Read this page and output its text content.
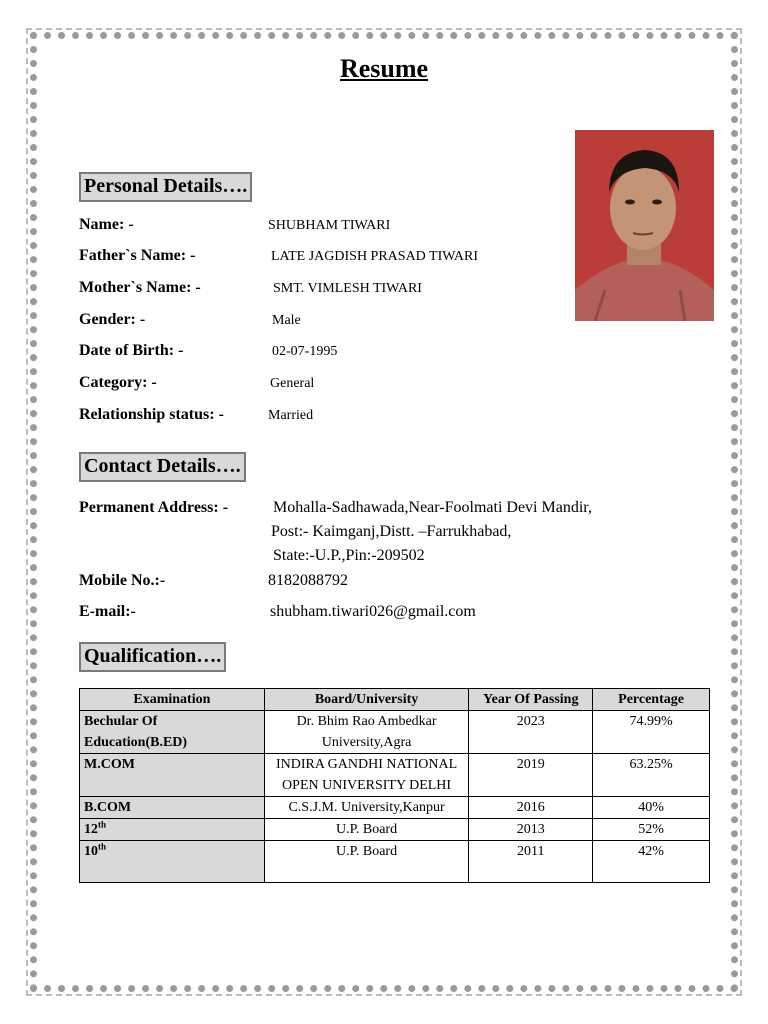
Resume
Personal Details….
Name: -	SHUBHAM TIWARI
Father`s Name: -	LATE JAGDISH PRASAD TIWARI
Mother`s Name: -	SMT. VIMLESH TIWARI
Gender: -	Male
Date of Birth: -	02-07-1995
Category: -	General
Relationship status: -	Married
Contact Details….
Permanent Address: -	Mohalla-Sadhawada,Near-Foolmati Devi Mandir,
Post:- Kaimganj,Distt. –Farrukhabad,
State:-U.P.,Pin:-209502
Mobile No.:-	8182088792
E-mail:-	shubham.tiwari026@gmail.com
Qualification….
Examination	Board/University	Year Of Passing	Percentage
Bechular Of Education(B.ED)	Dr. Bhim Rao Ambedkar University,Agra	2023	74.99%
M.COM	INDIRA GANDHI NATIONAL OPEN UNIVERSITY DELHI	2019	63.25%
B.COM	C.S.J.M. University,Kanpur	2016	40%
12th	U.P. Board	2013	52%
10th	U.P. Board	2011	42%
